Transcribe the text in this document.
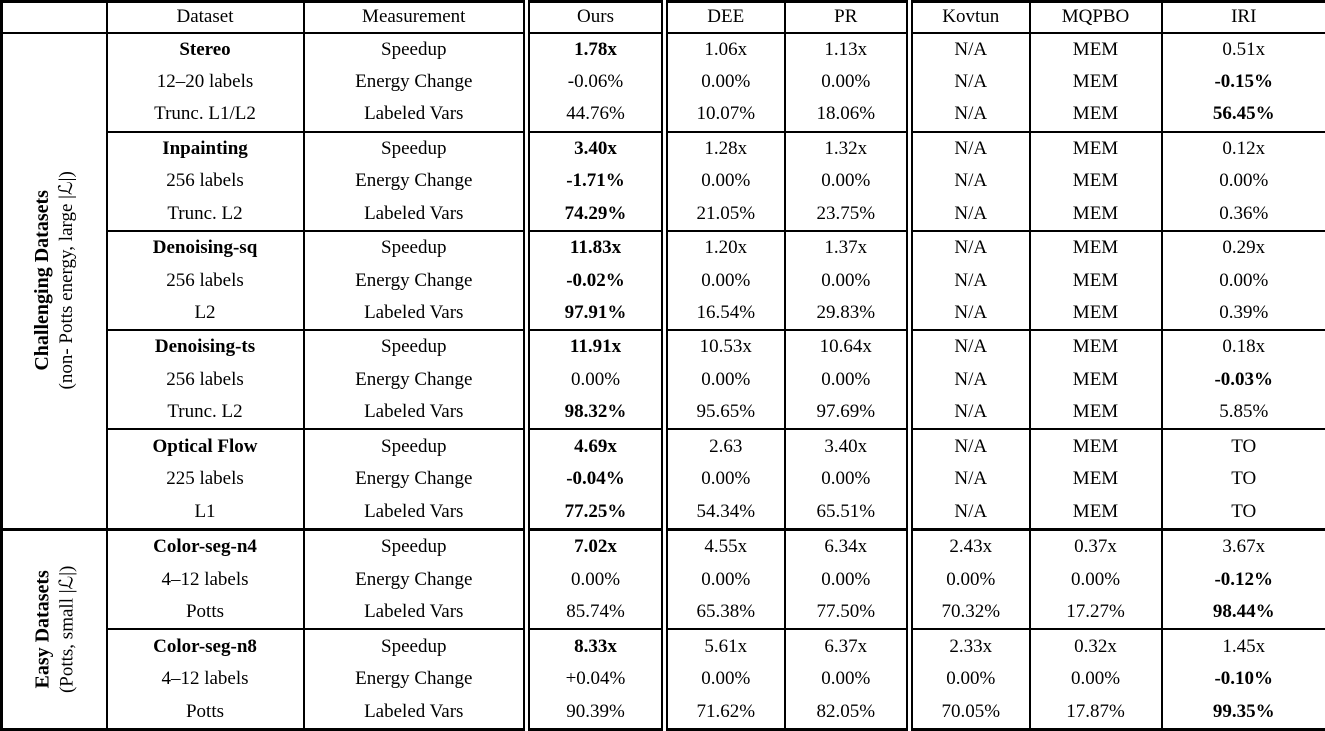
	Dataset	Measurement	Ours	DEE	PR	Kovtun	MQPBO	IRI

Challenging Datasets (non- Potts energy, large |ℒ|)	Stereo	Speedup	1.78x	1.06x	1.13x	N/A	MEM	0.51x
	12–20 labels	Energy Change	-0.06%	0.00%	0.00%	N/A	MEM	-0.15%
	Trunc. L1/L2	Labeled Vars	44.76%	10.07%	18.06%	N/A	MEM	56.45%
	Inpainting	Speedup	3.40x	1.28x	1.32x	N/A	MEM	0.12x
	256 labels	Energy Change	-1.71%	0.00%	0.00%	N/A	MEM	0.00%
	Trunc. L2	Labeled Vars	74.29%	21.05%	23.75%	N/A	MEM	0.36%
	Denoising-sq	Speedup	11.83x	1.20x	1.37x	N/A	MEM	0.29x
	256 labels	Energy Change	-0.02%	0.00%	0.00%	N/A	MEM	0.00%
	L2	Labeled Vars	97.91%	16.54%	29.83%	N/A	MEM	0.39%
	Denoising-ts	Speedup	11.91x	10.53x	10.64x	N/A	MEM	0.18x
	256 labels	Energy Change	0.00%	0.00%	0.00%	N/A	MEM	-0.03%
	Trunc. L2	Labeled Vars	98.32%	95.65%	97.69%	N/A	MEM	5.85%
	Optical Flow	Speedup	4.69x	2.63	3.40x	N/A	MEM	TO
	225 labels	Energy Change	-0.04%	0.00%	0.00%	N/A	MEM	TO
	L1	Labeled Vars	77.25%	54.34%	65.51%	N/A	MEM	TO

Easy Datasets (Potts, small |ℒ|)	Color-seg-n4	Speedup	7.02x	4.55x	6.34x	2.43x	0.37x	3.67x
	4–12 labels	Energy Change	0.00%	0.00%	0.00%	0.00%	0.00%	-0.12%
	Potts	Labeled Vars	85.74%	65.38%	77.50%	70.32%	17.27%	98.44%
	Color-seg-n8	Speedup	8.33x	5.61x	6.37x	2.33x	0.32x	1.45x
	4–12 labels	Energy Change	+0.04%	0.00%	0.00%	0.00%	0.00%	-0.10%
	Potts	Labeled Vars	90.39%	71.62%	82.05%	70.05%	17.87%	99.35%
